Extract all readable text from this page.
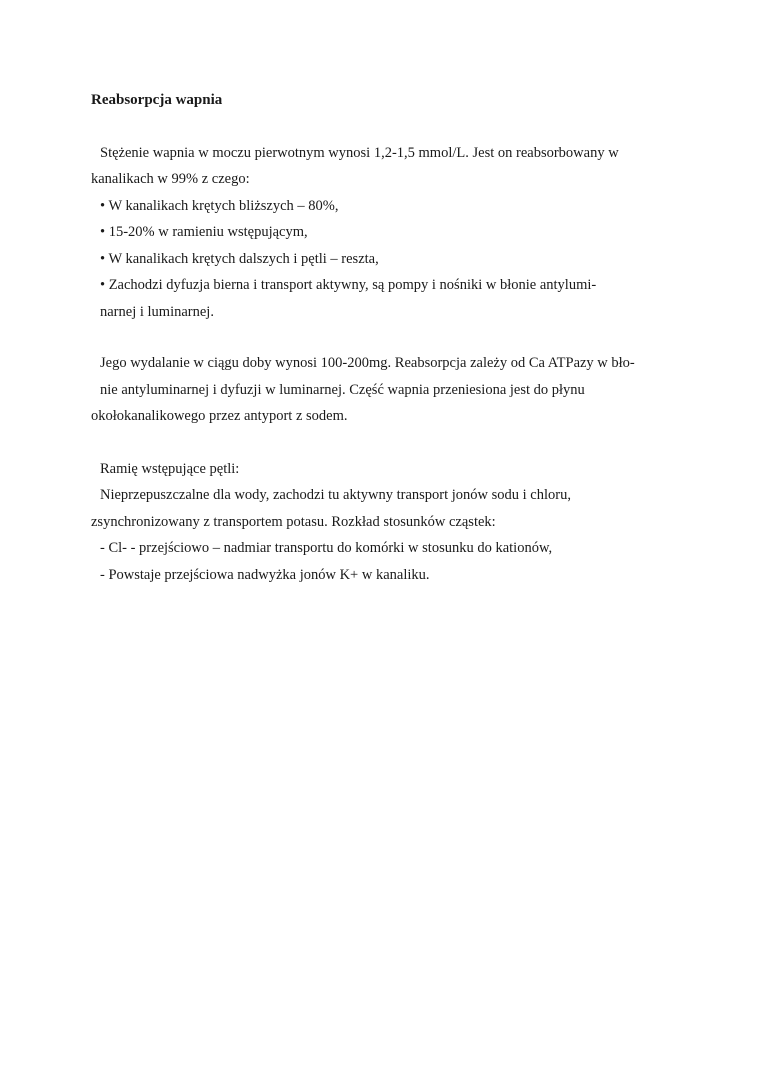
Reabsorpcja wapnia
Stężenie wapnia w moczu pierwotnym wynosi 1,2-1,5 mmol/L. Jest on reabsorbowany w
kanalikach w 99% z czego:
• W kanalikach krętych bliższych – 80%,
• 15-20% w ramieniu wstępującym,
• W kanalikach krętych dalszych i pętli – reszta,
• Zachodzi dyfuzja bierna i transport aktywny, są pompy i nośniki w błonie antylumi-
narnej i luminarnej.
Jego wydalanie w ciągu doby wynosi 100-200mg. Reabsorpcja zależy od Ca ATPazy w bło-
nie antyluminarnej i dyfuzji w luminarnej. Część wapnia przeniesiona jest do płynu
okołokanalikowego przez antyport z sodem.
Ramię wstępujące pętli:
Nieprzepuszczalne dla wody, zachodzi tu aktywny transport jonów sodu i chloru,
zsynchronizowany z transportem potasu. Rozkład stosunków cząstek:
- Cl- - przejściowo – nadmiar transportu do komórki w stosunku do kationów,
- Powstaje przejściowa nadwyżka jonów K+ w kanaliku.
